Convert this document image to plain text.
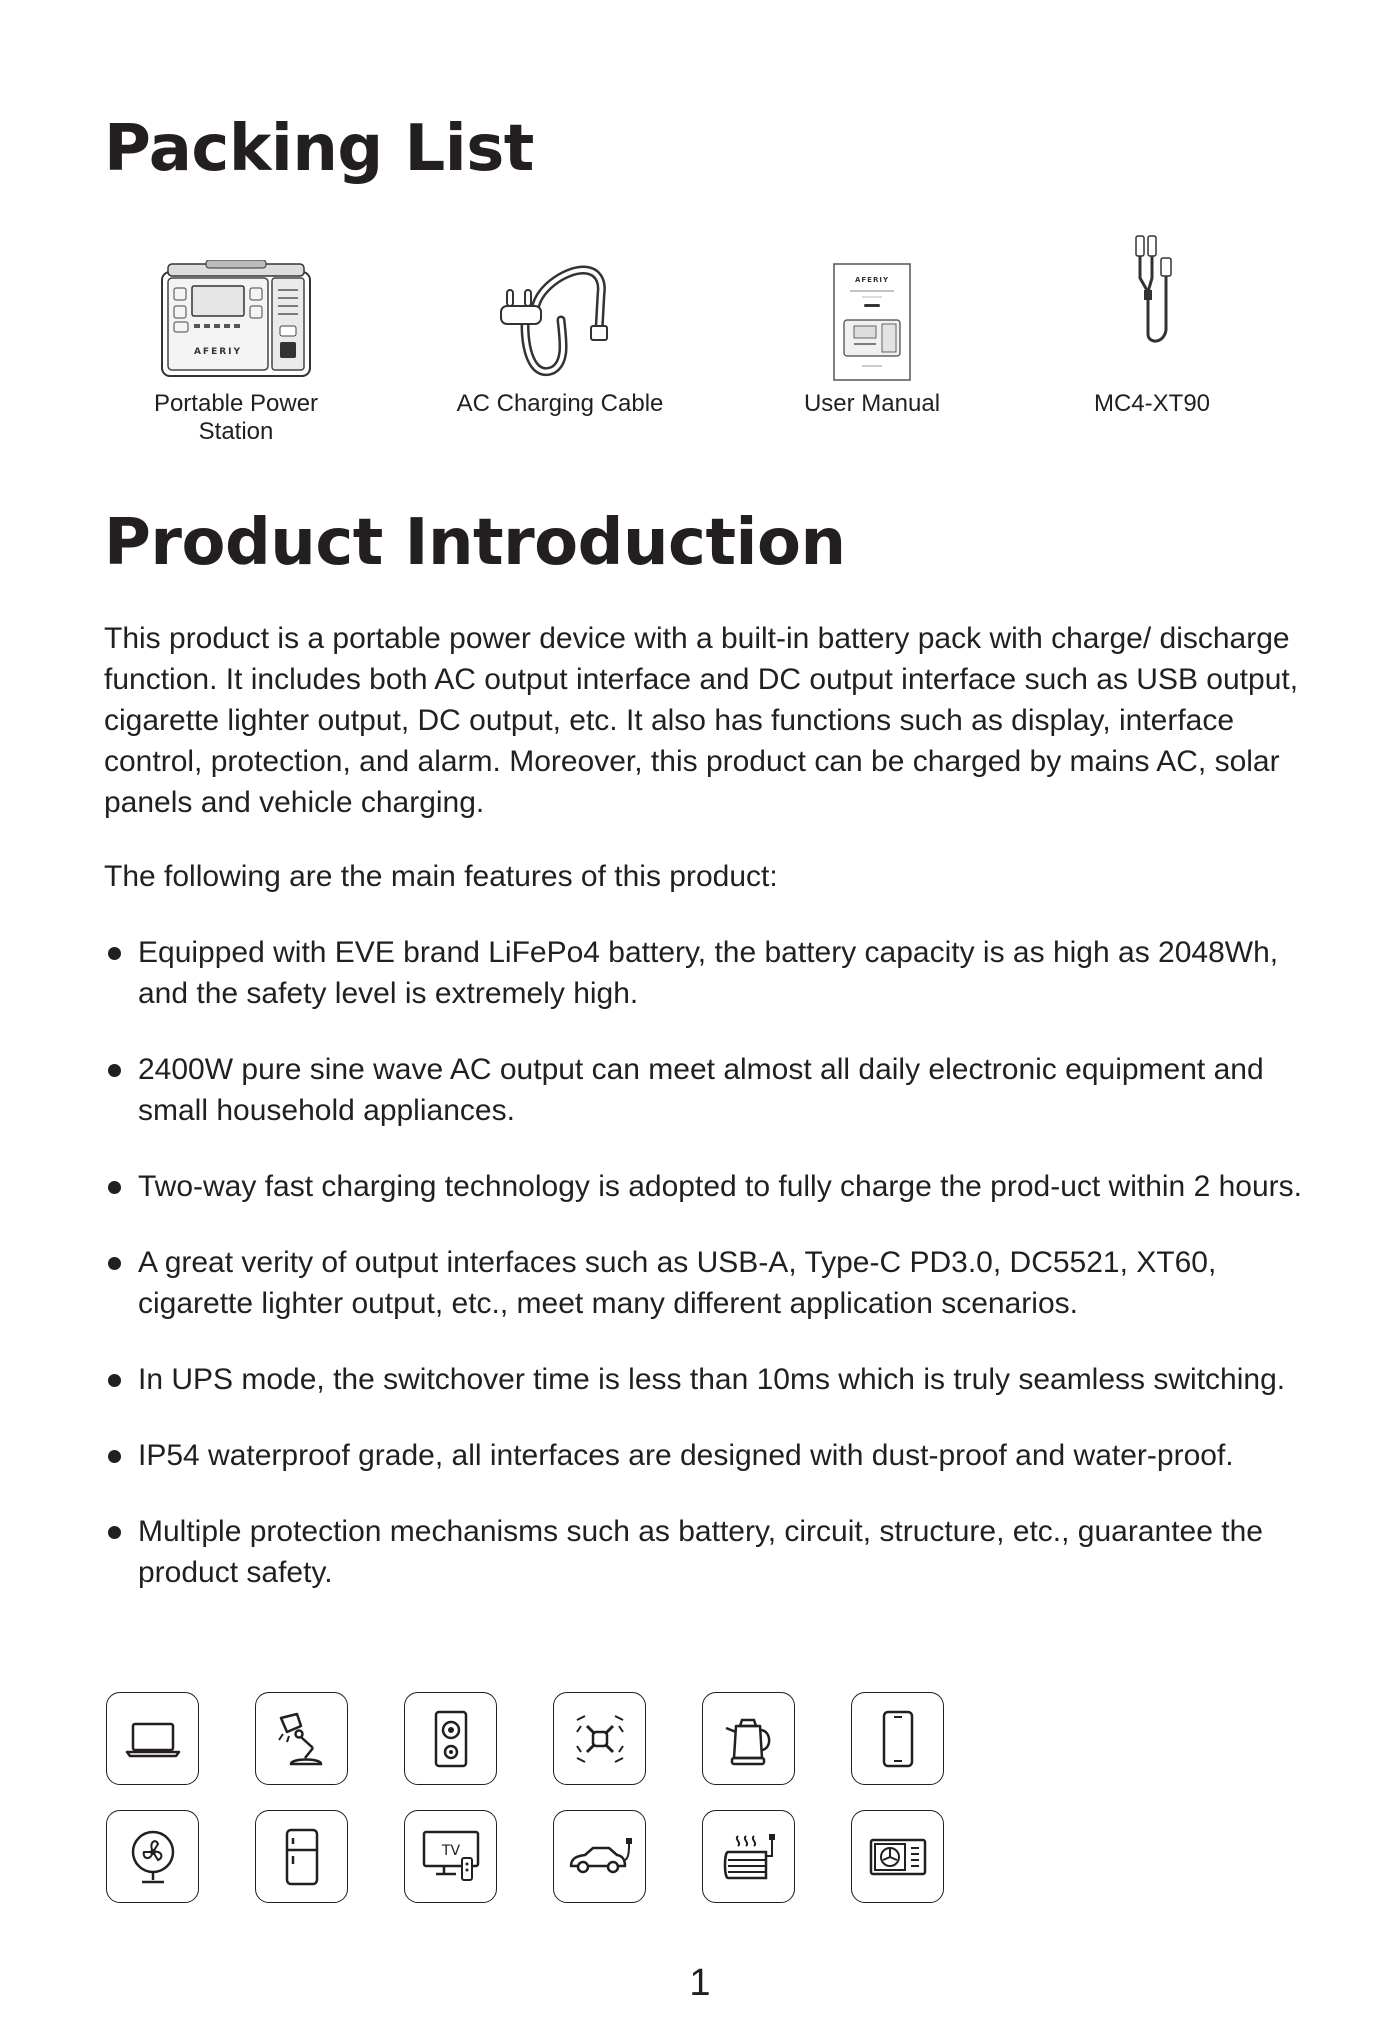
Packing List
AFERIY
Portable Power
Station
AC Charging Cable
AFERIY
User Manual	MC4-XT90
Product Introduction

This product is a portable power device with a built-in battery pack with charge/ discharge function. It includes both AC output interface and DC output interface such as USB output, cigarette lighter output, DC output, etc. It also has functions such as display, interface control, protection, and alarm. Moreover, this product can be charged by mains AC, solar panels and vehicle charging.

The following are the main features of this product:

Equipped with EVE brand LiFePo4 battery, the battery capacity is as high as 2048Wh, and the safety level is extremely high.
2400W pure sine wave AC output can meet almost all daily electronic equipment and small household appliances.
Two-way fast charging technology is adopted to fully charge the prod-uct within 2 hours.
A great verity of output interfaces such as USB-A, Type-C PD3.0, DC5521, XT60, cigarette lighter output, etc., meet many different application scenarios.
In UPS mode, the switchover time is less than 10ms which is truly seamless switching.
IP54 waterproof grade, all interfaces are designed with dust-proof and water-proof.
Multiple protection mechanisms such as battery, circuit, structure, etc., guarantee the product safety.
TV
1
